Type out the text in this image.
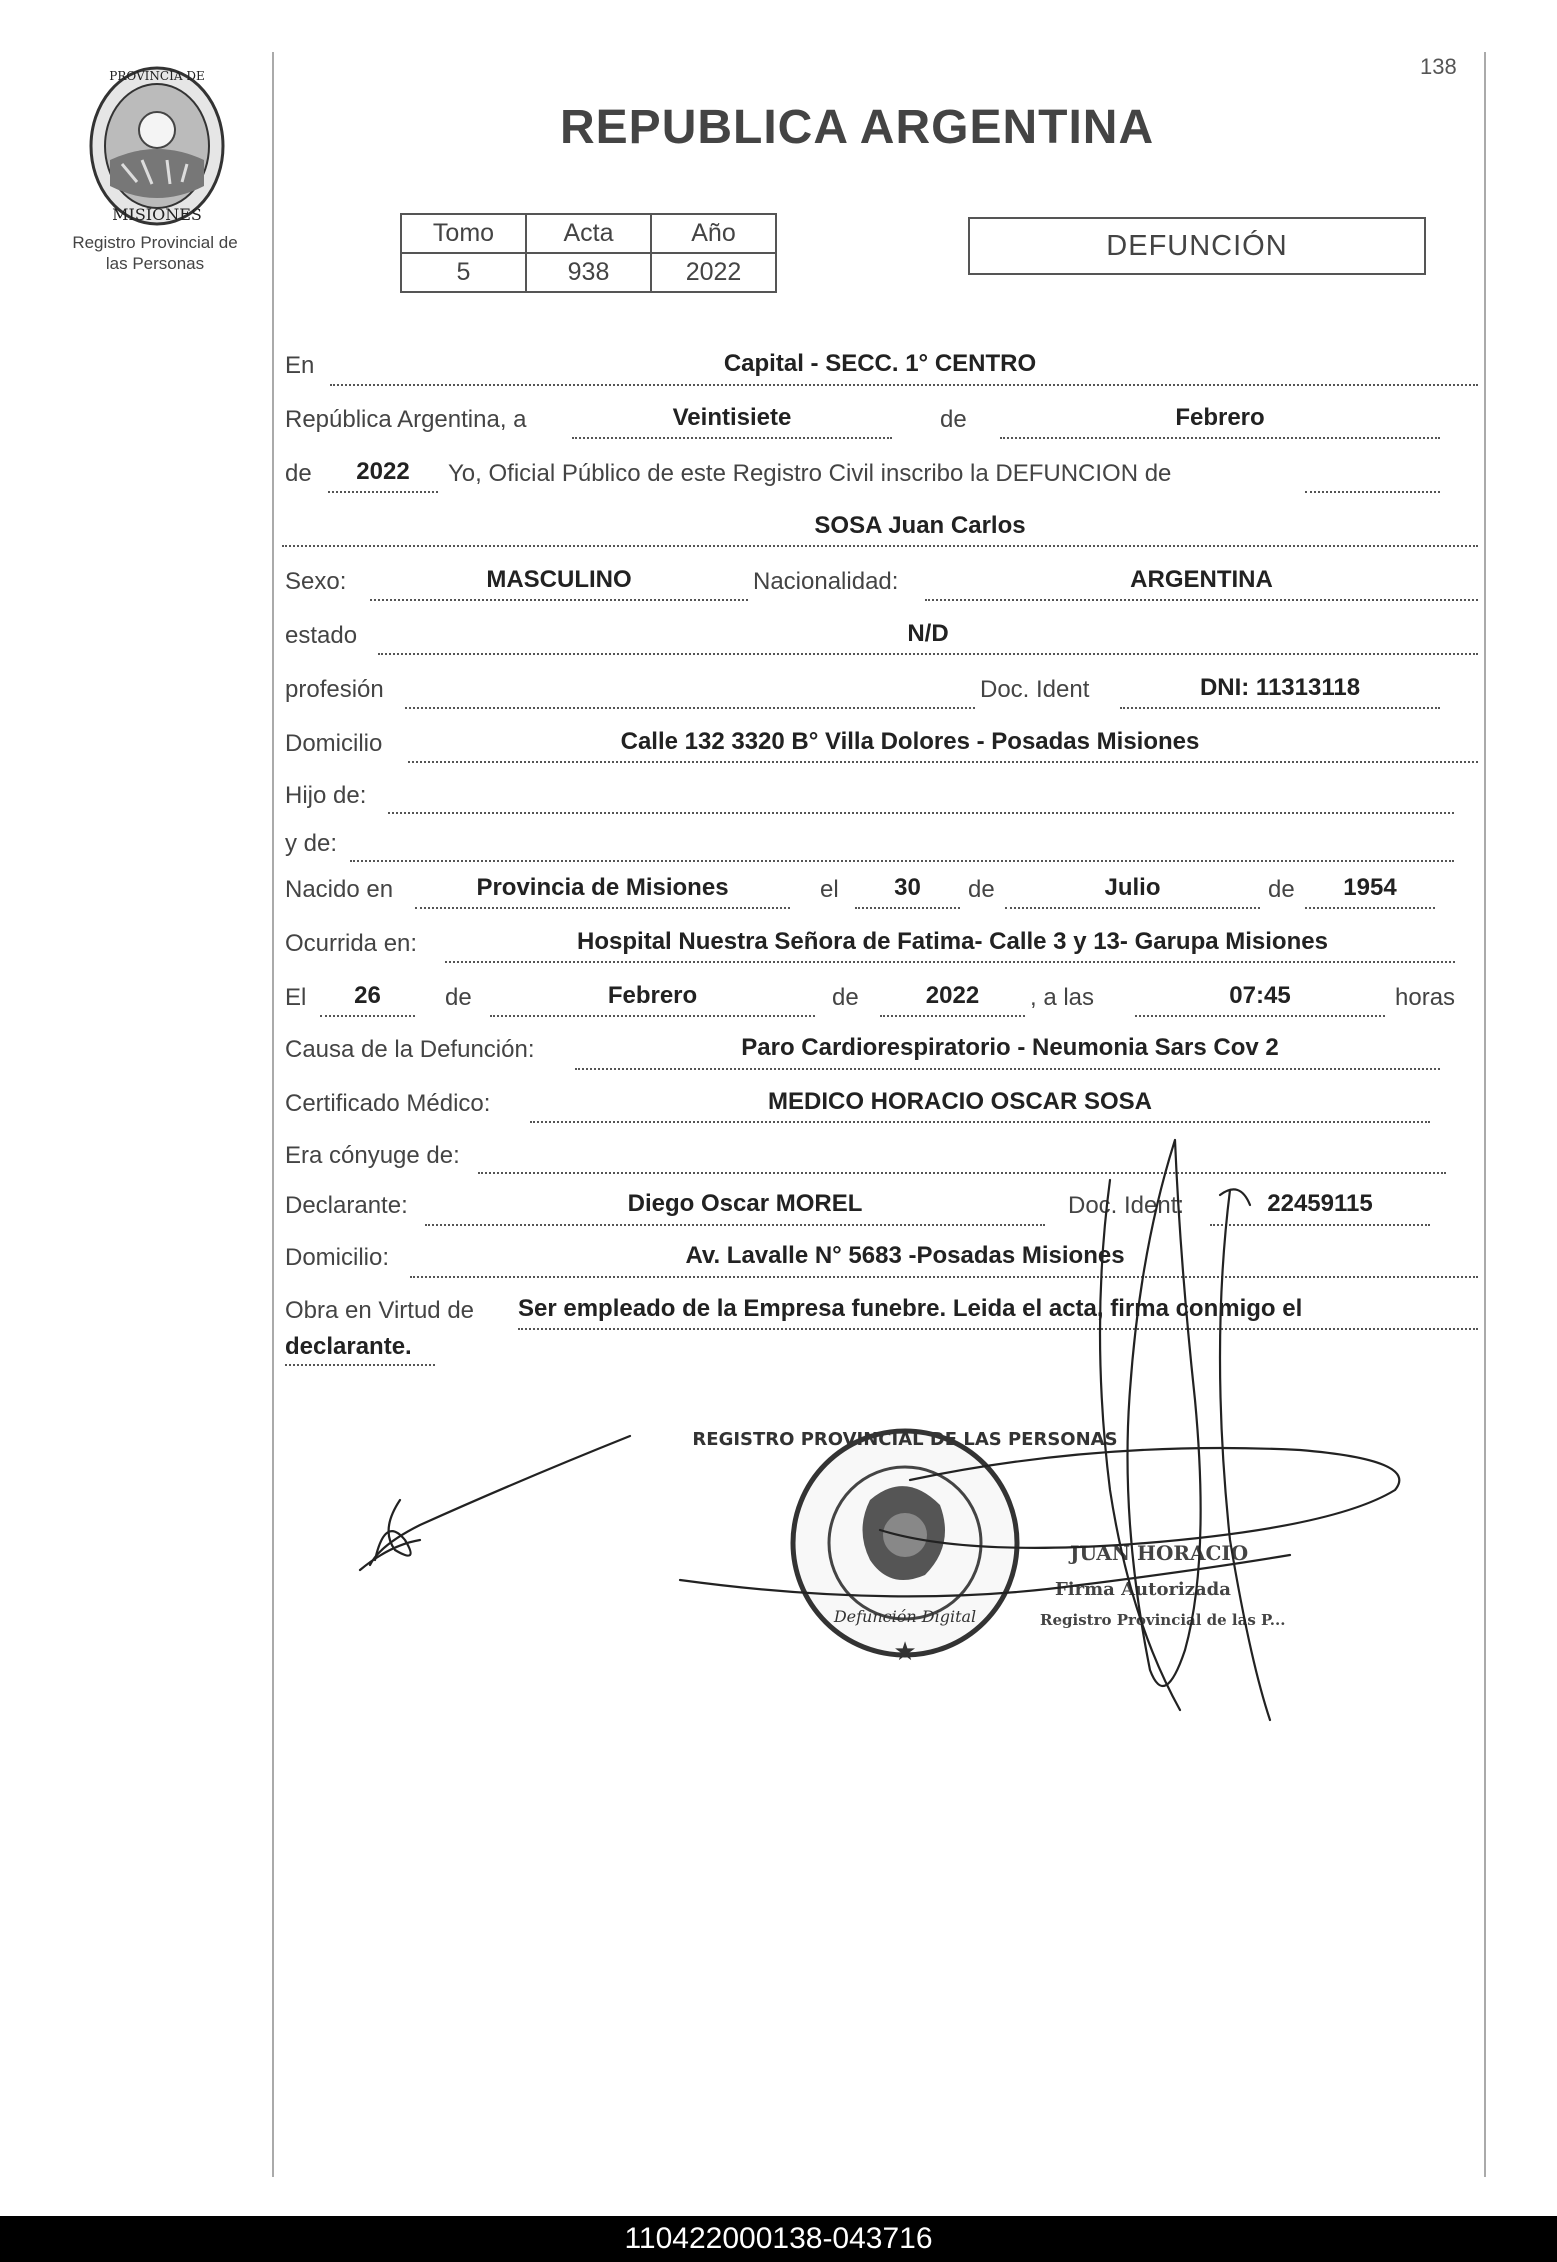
PROVINCIA DE
MISIONES
Registro Provincial de
las Personas
138
REPUBLICA ARGENTINA
Tomo	Acta	Año
5	938	2022
DEFUNCIÓN
En	Capital - SECC. 1° CENTRO
República Argentina, a	Veintisiete	de	Febrero
de	2022	Yo, Oficial Público de este Registro Civil inscribo la DEFUNCION de
SOSA Juan Carlos
Sexo:	MASCULINO	Nacionalidad:	ARGENTINA
estado	N/D
profesión	Doc. Ident	DNI: 11313118
Domicilio	Calle 132 3320 B° Villa Dolores - Posadas Misiones
Hijo de:
y de:
Nacido en	Provincia de Misiones	el	30	de	Julio	de	1954
Ocurrida en:	Hospital Nuestra Señora de Fatima- Calle 3 y 13- Garupa Misiones
El	26	de	Febrero	de	2022	, a las	07:45	horas
Causa de la Defunción:	Paro Cardiorespiratorio - Neumonia Sars Cov 2
Certificado Médico:	MEDICO HORACIO OSCAR SOSA
Era cónyuge de:
Declarante:	Diego Oscar MOREL	Doc. Ident:	22459115
Domicilio:	Av. Lavalle N° 5683 -Posadas Misiones
Obra en Virtud de Ser empleado de la Empresa funebre. Leida el acta, firma conmigo el
declarante.
REGISTRO PROVINCIAL DE LAS PERSONAS
Defunción Digital
★
JUAN HORACIO
Firma Autorizada
Registro Provincial de las P...
110422000138-043716
